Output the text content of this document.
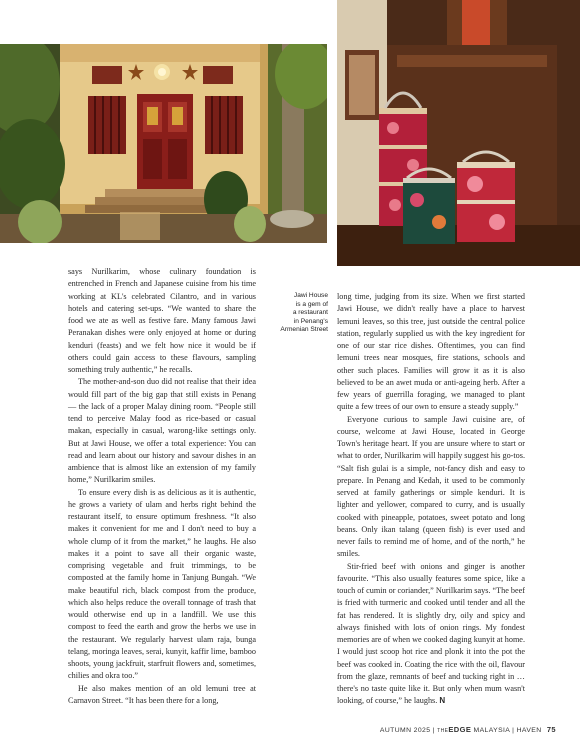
Jawi House
is a gem of
a restaurant
in Penang's
Armenian Street

says Nurilkarim, whose culinary foundation is entrenched in French and Japanese cuisine from his time working at KL's celebrated Cilantro, and in various hotels and catering set-ups. “We wanted to share the food we ate as well as festive fare. Many famous Jawi Peranakan dishes were only enjoyed at home or during kenduri (feasts) and we felt how nice it would be if others could gain access to these flavours, sampling something truly authentic,” he recalls.

The mother-and-son duo did not realise that their idea would fill part of the big gap that still exists in Penang — the lack of a proper Malay dining room. “People still tend to perceive Malay food as rice-based or casual makan, especially in casual, warong-like settings only. But at Jawi House, we offer a total experience: You can read and learn about our history and savour dishes in an ambience that is almost like an extension of my family home,” Nurilkarim smiles.

To ensure every dish is as delicious as it is authentic, he grows a variety of ulam and herbs right behind the restaurant itself, to ensure optimum freshness. “It also makes it convenient for me and I don't need to buy a whole clump of it from the market,” he laughs. He also makes it a point to save all their organic waste, comprising vegetable and fruit trimmings, to be composted at the family home in Tanjung Bungah. “We make beautiful rich, black compost from the produce, which also helps reduce the overall tonnage of trash that would otherwise end up in a landfill. We use this compost to feed the earth and grow the herbs we use in the restaurant. We regularly harvest ulam raja, bunga telang, moringa leaves, serai, kunyit, kaffir lime, bamboo shoots, young jackfruit, starfruit flowers and, sometimes, chilies and okra too.”

He also makes mention of an old lemuni tree at Carnavon Street. “It has been there for a long,

long time, judging from its size. When we first started Jawi House, we didn't really have a place to harvest lemuni leaves, so this tree, just outside the central police station, regularly supplied us with the key ingredient for one of our star rice dishes. Oftentimes, you can find lemuni trees near mosques, fire stations, schools and other such places. Families will grow it as it is also believed to be an awet muda or anti-ageing herb. After a few years of guerrilla foraging, we managed to plant quite a few trees of our own to ensure a steady supply.”

Everyone curious to sample Jawi cuisine are, of course, welcome at Jawi House, located in George Town's heritage heart. If you are unsure where to start or what to order, Nurilkarim will happily suggest his go-tos. “Salt fish gulai is a simple, not-fancy dish and easy to prepare. In Penang and Kedah, it used to be commonly served at family gatherings or simple kenduri. It is lighter and yellower, compared to curry, and is usually cooked with pineapple, potatoes, sweet potato and long beans. Only ikan talang (queen fish) is ever used and never fails to remind me of home, and of the north,” he smiles.

Stir-fried beef with onions and ginger is another favourite. “This also usually features some spice, like a touch of cumin or coriander,” Nurilkarim says. “The beef is fried with turmeric and cooked until tender and all the fat has rendered. It is slightly dry, oily and spicy and always finished with lots of onion rings. My fondest memories are of when we cooked daging kunyit at home. I would just scoop hot rice and plonk it into the pot the beef was cooked in. Coating the rice with the oil, flavour from the glaze, remnants of beef and tucking right in … there's no taste quite like it. But only when mum wasn't looking, of course,” he laughs. N

AUTUMN 2025 | THEEDGE MALAYSIA | HAVEN 75
